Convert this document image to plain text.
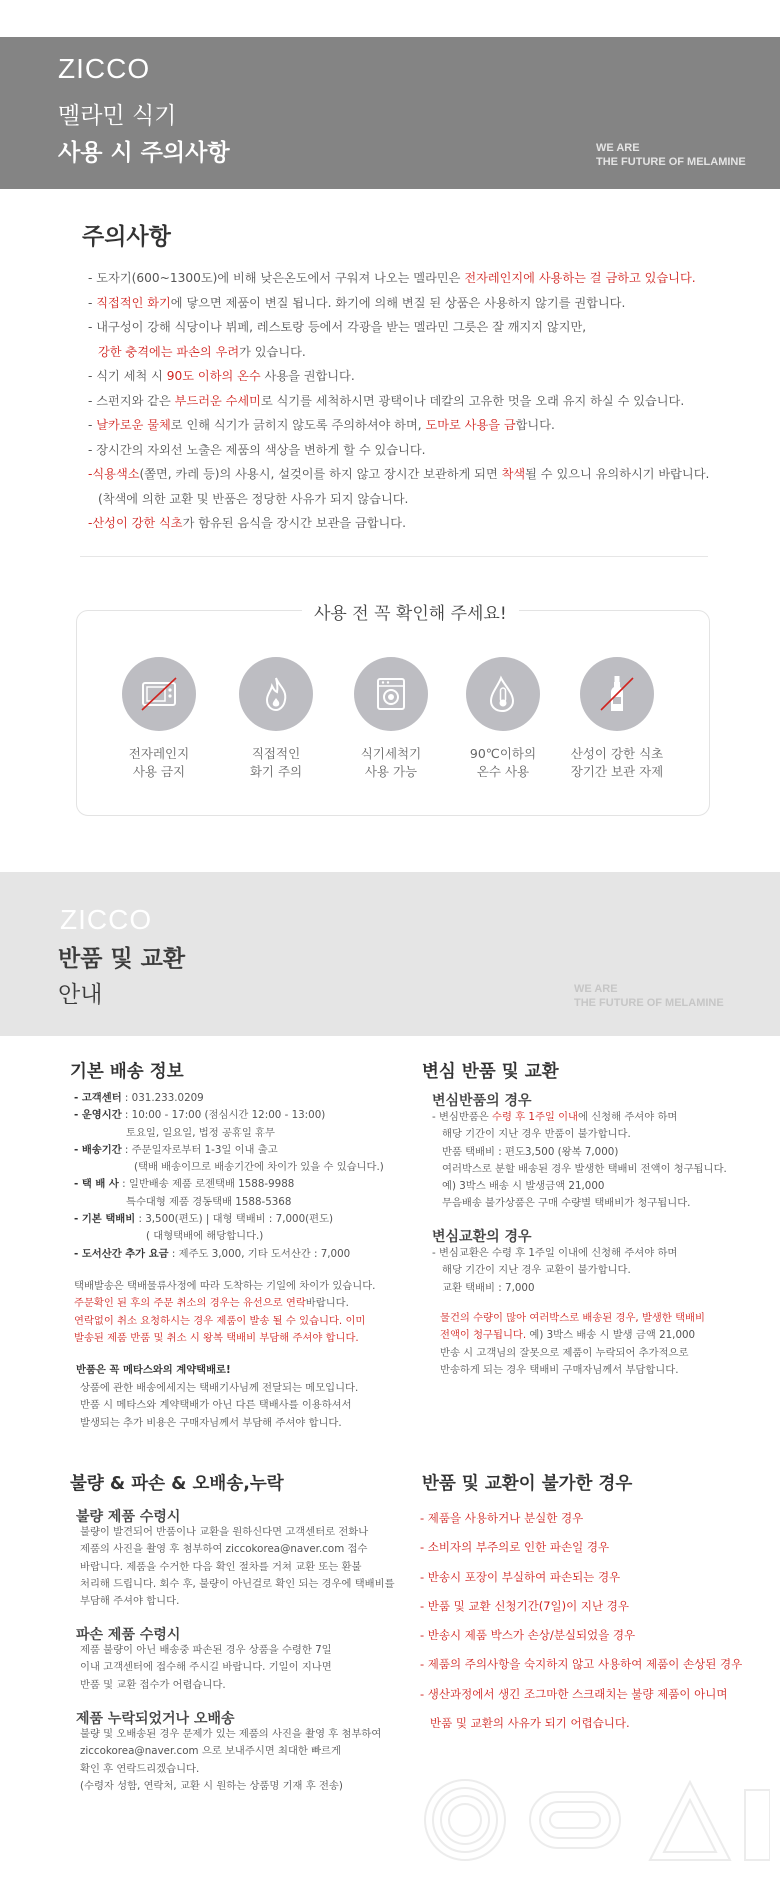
ZICCO
멜라민 식기
사용 시 주의사항	WE ARE
THE FUTURE OF MELAMINE
주의사항
- 도자기(600~1300도)에 비해 낮은온도에서 구워져 나오는 멜라민은 전자레인지에 사용하는 걸 금하고 있습니다.
- 직접적인 화기에 닿으면 제품이 변질 됩니다. 화기에 의해 변질 된 상품은 사용하지 않기를 권합니다.
- 내구성이 강해 식당이나 뷔페, 레스토랑 등에서 각광을 받는 멜라민 그릇은 잘 깨지지 않지만,
강한 충격에는 파손의 우려가 있습니다.
- 식기 세척 시 90도 이하의 온수 사용을 권합니다.
- 스펀지와 같은 부드러운 수세미로 식기를 세척하시면 광택이나 데칼의 고유한 멋을 오래 유지 하실 수 있습니다.
- 날카로운 물체로 인해 식기가 긁히지 않도록 주의하셔야 하며, 도마로 사용을 금합니다.
- 장시간의 자외선 노출은 제품의 색상을 변하게 할 수 있습니다.
-식용색소(쫄면, 카레 등)의 사용시, 설겆이를 하지 않고 장시간 보관하게 되면 착색될 수 있으니 유의하시기 바랍니다.
(착색에 의한 교환 및 반품은 정당한 사유가 되지 않습니다.
-산성이 강한 식초가 함유된 음식을 장시간 보관을 금합니다.
사용 전 꼭 확인해 주세요!
전자레인지
사용 금지
직접적인
화기 주의
식기세척기
사용 가능
90℃이하의
온수 사용
산성이 강한 식초
장기간 보관 자제
ZICCO
반품 및 교환
안내	WE ARE
THE FUTURE OF MELAMINE
기본 배송 정보
- 고객센터 : 031.233.0209
- 운영시간 : 10:00 - 17:00 (점심시간 12:00 - 13:00)
토요일, 일요일, 법정 공휴일 휴무
- 배송기간 : 주문일자로부터 1-3일 이내 출고
(택배 배송이므로 배송기간에 차이가 있을 수 있습니다.)
- 택 배 사 : 일반배송 제품 로젠택배 1588-9988
특수대형 제품 경동택배 1588-5368
- 기본 택배비 : 3,500(편도) | 대형 택배비 : 7,000(편도)
( 대형택배에 해당합니다.)
- 도서산간 추가 요금 : 제주도 3,000, 기타 도서산간 : 7,000
택배발송은 택배물류사정에 따라 도착하는 기일에 차이가 있습니다.
주문확인 된 후의 주문 취소의 경우는 유선으로 연락바랍니다.
연락없이 취소 요청하시는 경우 제품이 발송 될 수 있습니다. 이미
발송된 제품 반품 및 취소 시 왕복 택배비 부담해 주셔야 합니다.
반품은 꼭 메타스와의 계약택배로!
상품에 관한 배송에세지는 택배기사님께 전달되는 메모입니다.
반품 시 메타스와 계약택배가 아닌 다른 택배사를 이용하셔서
발생되는 추가 비용은 구매자님께서 부담해 주셔야 합니다.
변심 반품 및 교환
변심반품의 경우
- 변심반품은 수령 후 1주일 이내에 신청해 주셔야 하며
해당 기간이 지난 경우 반품이 불가합니다.
반품 택배비 : 편도3,500 (왕복 7,000)
여러박스로 분할 배송된 경우 발생한 택배비 전액이 청구됩니다.
예) 3박스 배송 시 발생금액 21,000
무음배송 불가상품은 구매 수량별 택배비가 청구됩니다.
변심교환의 경우
- 변심교환은 수령 후 1주일 이내에 신청해 주셔야 하며
해당 기간이 지난 경우 교환이 불가합니다.
교환 택배비 : 7,000
물건의 수량이 많아 여러박스로 배송된 경우, 발생한 택배비
전액이 청구됩니다. 예) 3박스 배송 시 발생 금액 21,000
반송 시 고객님의 잘못으로 제품이 누락되어 추가적으로
반송하게 되는 경우 택배비 구매자님께서 부담합니다.
불량 & 파손 & 오배송,누락
불량 제품 수령시
불량이 발견되어 반품이나 교환을 원하신다면 고객센터로 전화나
제품의 사진을 촬영 후 첨부하여 ziccokorea@naver.com 접수
바랍니다. 제품을 수거한 다음 확인 절차를 거쳐 교환 또는 환불
처리해 드립니다. 회수 후, 불량이 아닌걸로 확인 되는 경우에 택배비를
부담해 주셔야 합니다.
파손 제품 수령시
제품 불량이 아닌 배송중 파손된 경우 상품을 수령한 7일
이내 고객센터에 접수해 주시길 바랍니다. 기일이 지나면
반품 및 교환 접수가 어렵습니다.
제품 누락되었거나 오배송
불량 및 오배송된 경우 문제가 있는 제품의 사진을 촬영 후 첨부하여
ziccokorea@naver.com 으로 보내주시면 최대한 빠르게
확인 후 연락드리겠습니다.
(수령자 성함, 연락처, 교환 시 원하는 상품명 기재 후 전송)
반품 및 교환이 불가한 경우
- 제품을 사용하거나 분실한 경우
- 소비자의 부주의로 인한 파손일 경우
- 반송시 포장이 부실하여 파손되는 경우
- 반품 및 교환 신청기간(7일)이 지난 경우
- 반송시 제품 박스가 손상/분실되었을 경우
- 제품의 주의사항을 숙지하지 않고 사용하여 제품이 손상된 경우
- 생산과정에서 생긴 조그마한 스크래치는 불량 제품이 아니며
반품 및 교환의 사유가 되기 어렵습니다.
